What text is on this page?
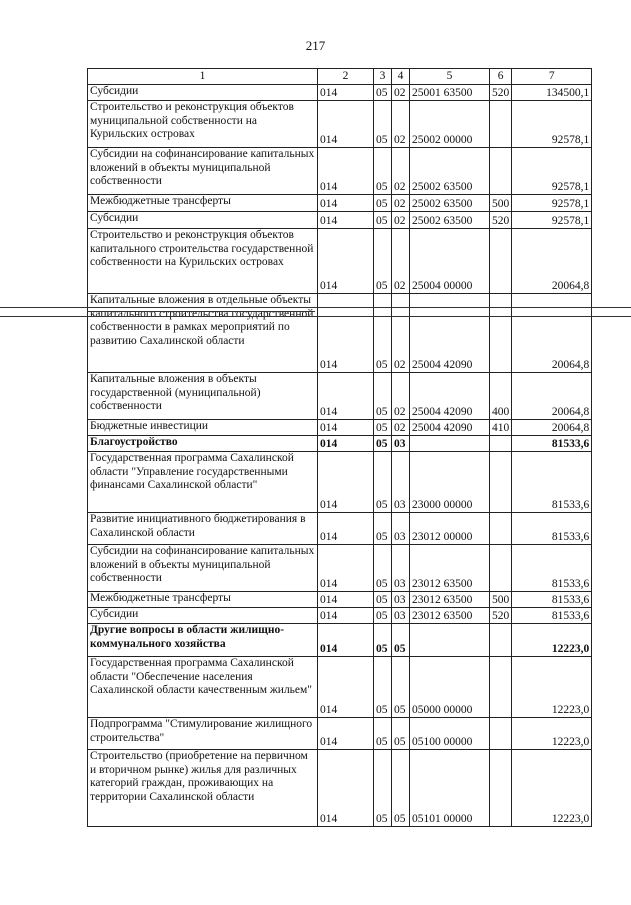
217
1	2	3	4	5	6	7
Субсидии	014	05	02	25001 63500	520	134500,1
Строительство и реконструкция объектов муниципальной собственности на Курильских островах	014	05	02	25002 00000		92578,1
Субсидии на софинансирование капитальных вложений в объекты муниципальной собственности	014	05	02	25002 63500		92578,1
Межбюджетные трансферты	014	05	02	25002 63500	500	92578,1
Субсидии	014	05	02	25002 63500	520	92578,1
Строительство и реконструкция объектов капитального строительства государственной собственности на Курильских островах	014	05	02	25004 00000		20064,8
Капитальные вложения в отдельные объекты капитального строительства государственной собственности в рамках мероприятий по развитию Сахалинской области	014	05	02	25004 42090		20064,8
Капитальные вложения в объекты государственной (муниципальной) собственности	014	05	02	25004 42090	400	20064,8
Бюджетные инвестиции	014	05	02	25004 42090	410	20064,8
Благоустройство	014	05	03			81533,6
Государственная программа Сахалинской области "Управление государственными финансами Сахалинской области"	014	05	03	23000 00000		81533,6
Развитие инициативного бюджетирования в Сахалинской области	014	05	03	23012 00000		81533,6
Субсидии на софинансирование капитальных вложений в объекты муниципальной собственности	014	05	03	23012 63500		81533,6
Межбюджетные трансферты	014	05	03	23012 63500	500	81533,6
Субсидии	014	05	03	23012 63500	520	81533,6
Другие вопросы в области жилищно-коммунального хозяйства	014	05	05			12223,0
Государственная программа Сахалинской области "Обеспечение населения Сахалинской области качественным жильем"	014	05	05	05000 00000		12223,0
Подпрограмма "Стимулирование жилищного строительства"	014	05	05	05100 00000		12223,0
Строительство (приобретение на первичном и вторичном рынке) жилья для различных категорий граждан, проживающих на территории Сахалинской области	014	05	05	05101 00000		12223,0
